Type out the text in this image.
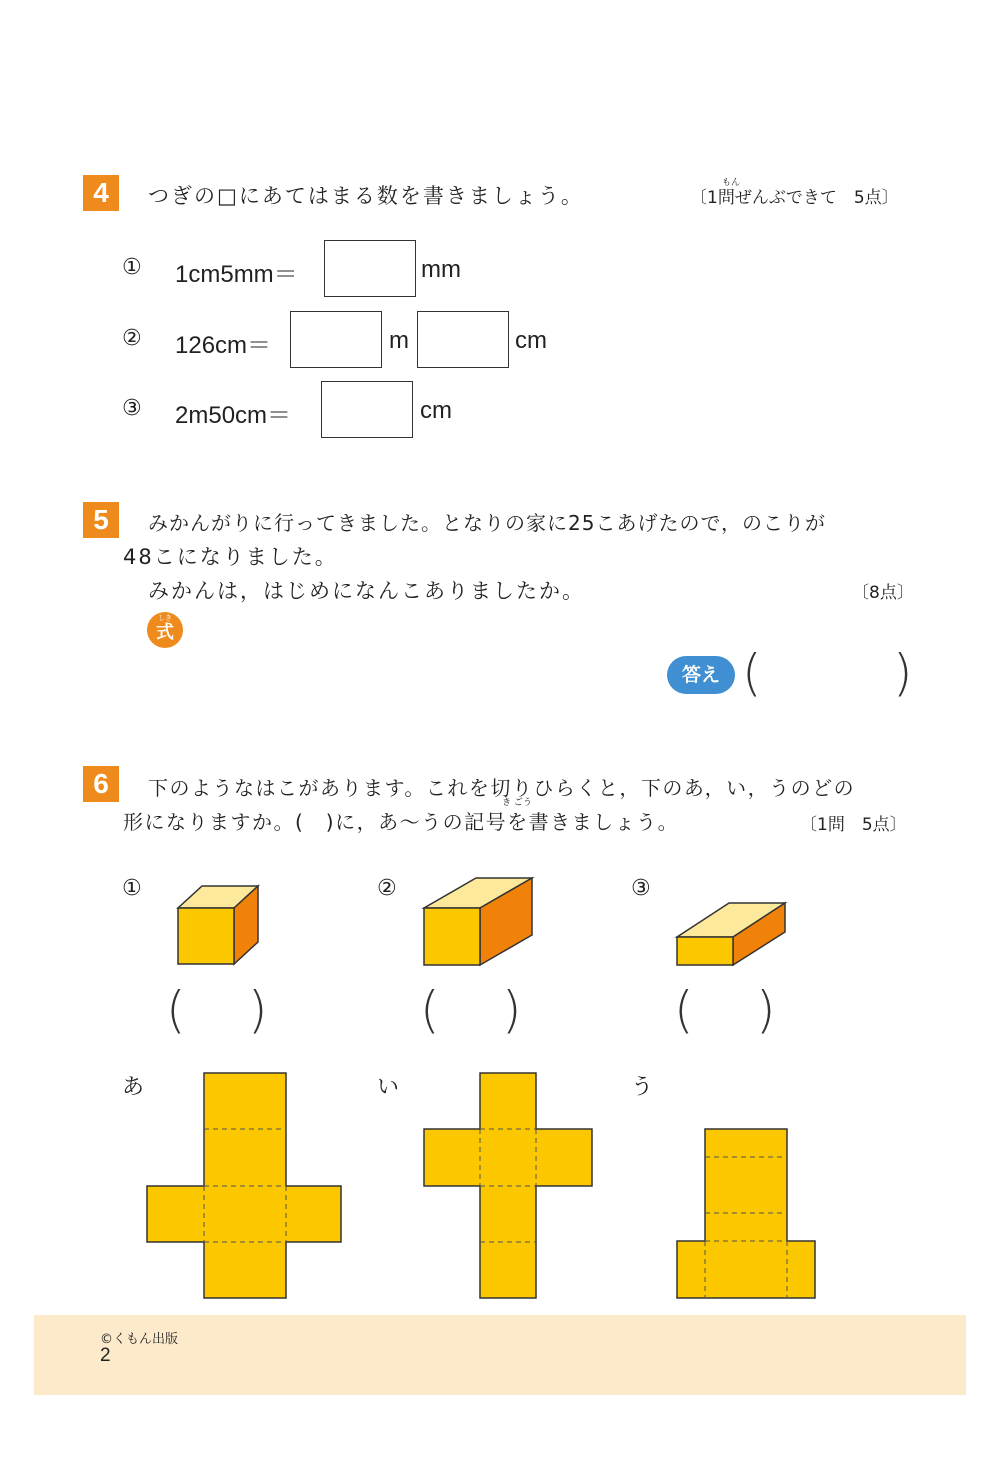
4	つぎの□にあてはまる数を書きましょう。
もん
〔1問ぜんぶできて　5点〕
① 1cm5mm＝	mm
② 126cm＝	m	cm
③ 2m50cm＝	cm
5	みかんがりに行ってきました。となりの家に25こあげたので，のこりが
48こになりました。
みかんは，はじめになんこありましたか。	〔8点〕
しき
式
答え (	)
6	下のようなはこがあります。これを切りひらくと，下のあ，い，うのどの
き ごう
形になりますか。(　)に，あ〜うの記号を書きましょう。	〔1問　5点〕
①
( )
②
( )
③
( )
あ	い	う
©くもん出版
2
